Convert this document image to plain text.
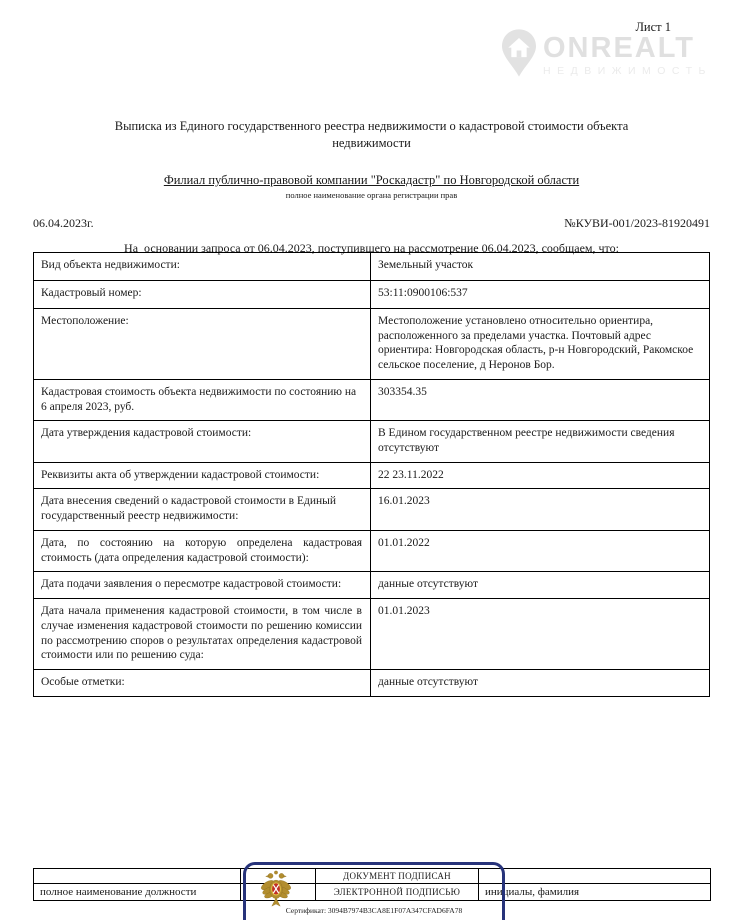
Лист 1
ONREALT
НЕДВИЖИМОСТЬ
Выписка из Единого государственного реестра недвижимости о кадастровой стоимости объекта недвижимости
Филиал публично-правовой компании "Роскадастр" по Новгородской области
полное наименование органа регистрации прав
06.04.2023г.	№КУВИ-001/2023-81920491
На  основании запроса от 06.04.2023, поступившего на рассмотрение 06.04.2023, сообщаем, что:
Вид объекта недвижимости:	Земельный участок
Кадастровый номер:	53:11:0900106:537
Местоположение:	Местоположение установлено относительно ориентира, расположенного за пределами участка. Почтовый адрес ориентира: Новгородская область, р-н Новгородский, Ракомское сельское поселение, д Неронов Бор.
Кадастровая стоимость объекта недвижимости по состоянию на 6 апреля 2023, руб.	303354.35
Дата утверждения кадастровой стоимости:	В Едином государственном реестре недвижимости сведения отсутствуют
Реквизиты акта об утверждении кадастровой стоимости:	22 23.11.2022
Дата внесения сведений о кадастровой стоимости в Единый государственный реестр недвижимости:	16.01.2023
Дата, по состоянию на которую определена кадастровая стоимость (дата определения кадастровой стоимости):	01.01.2022
Дата подачи заявления о пересмотре кадастровой стоимости:	данные отсутствуют
Дата начала применения кадастровой стоимости, в том числе в случае изменения кадастровой стоимости по решению комиссии по рассмотрению споров о результатах определения кадастровой стоимости или по решению суда:	01.01.2023
Особые отметки:	данные отсутствуют
		ДОКУМЕНТ ПОДПИСАН	
полное наименование должности		ЭЛЕКТРОННОЙ ПОДПИСЬЮ	инициалы, фамилия
Сертификат: 3094B7974B3CA8E1F07A347CFAD6FA78
